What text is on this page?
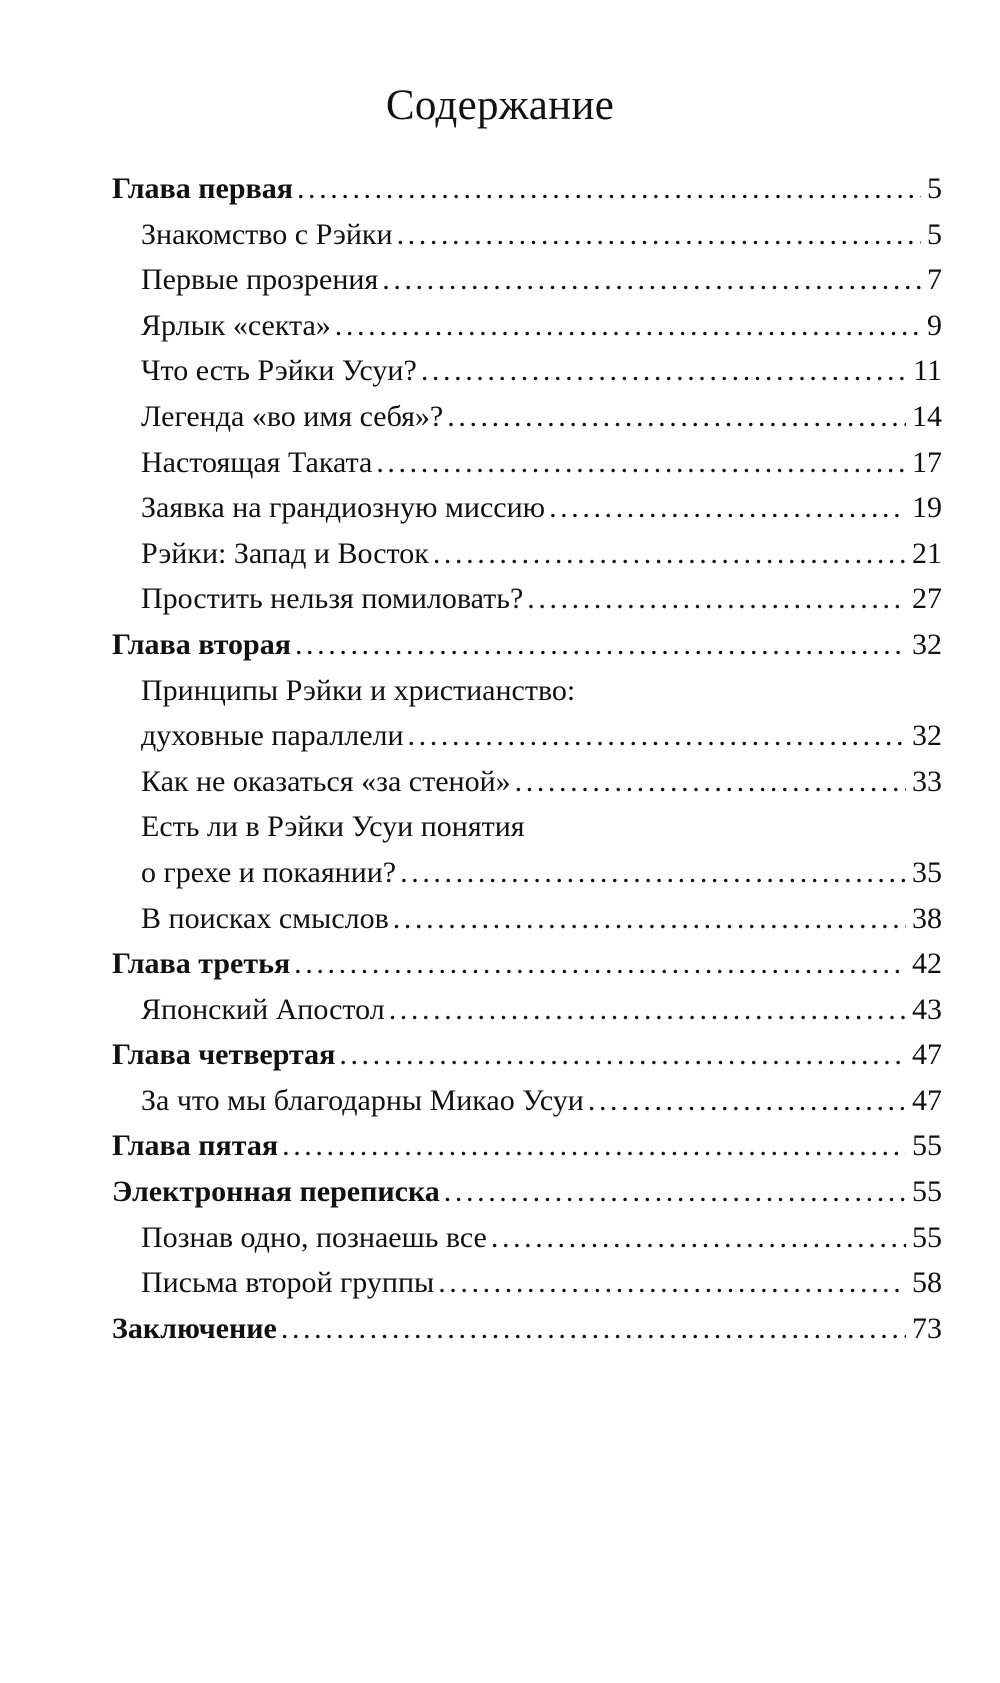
Содержание
Глава первая .....	5
Знакомство с Рэйки .....	5
Первые прозрения .....	7
Ярлык «секта» .....	9
Что есть Рэйки Усуи? .....	11
Легенда «во имя себя»? .....	14
Настоящая Таката .....	17
Заявка на грандиозную миссию .....	19
Рэйки: Запад и Восток .....	21
Простить нельзя помиловать? .....	27
Глава вторая .....	32
Принципы Рэйки и христианство:
духовные параллели .....	32
Как не оказаться «за стеной» .....	33
Есть ли в Рэйки Усуи понятия
о грехе и покаянии? .....	35
В поисках смыслов .....	38
Глава третья .....	42
Японский Апостол .....	43
Глава четвертая .....	47
За что мы благодарны Микао Усуи .....	47
Глава пятая .....	55
Электронная переписка .....	55
Познав одно, познаешь все .....	55
Письма второй группы .....	58
Заключение .....	73
